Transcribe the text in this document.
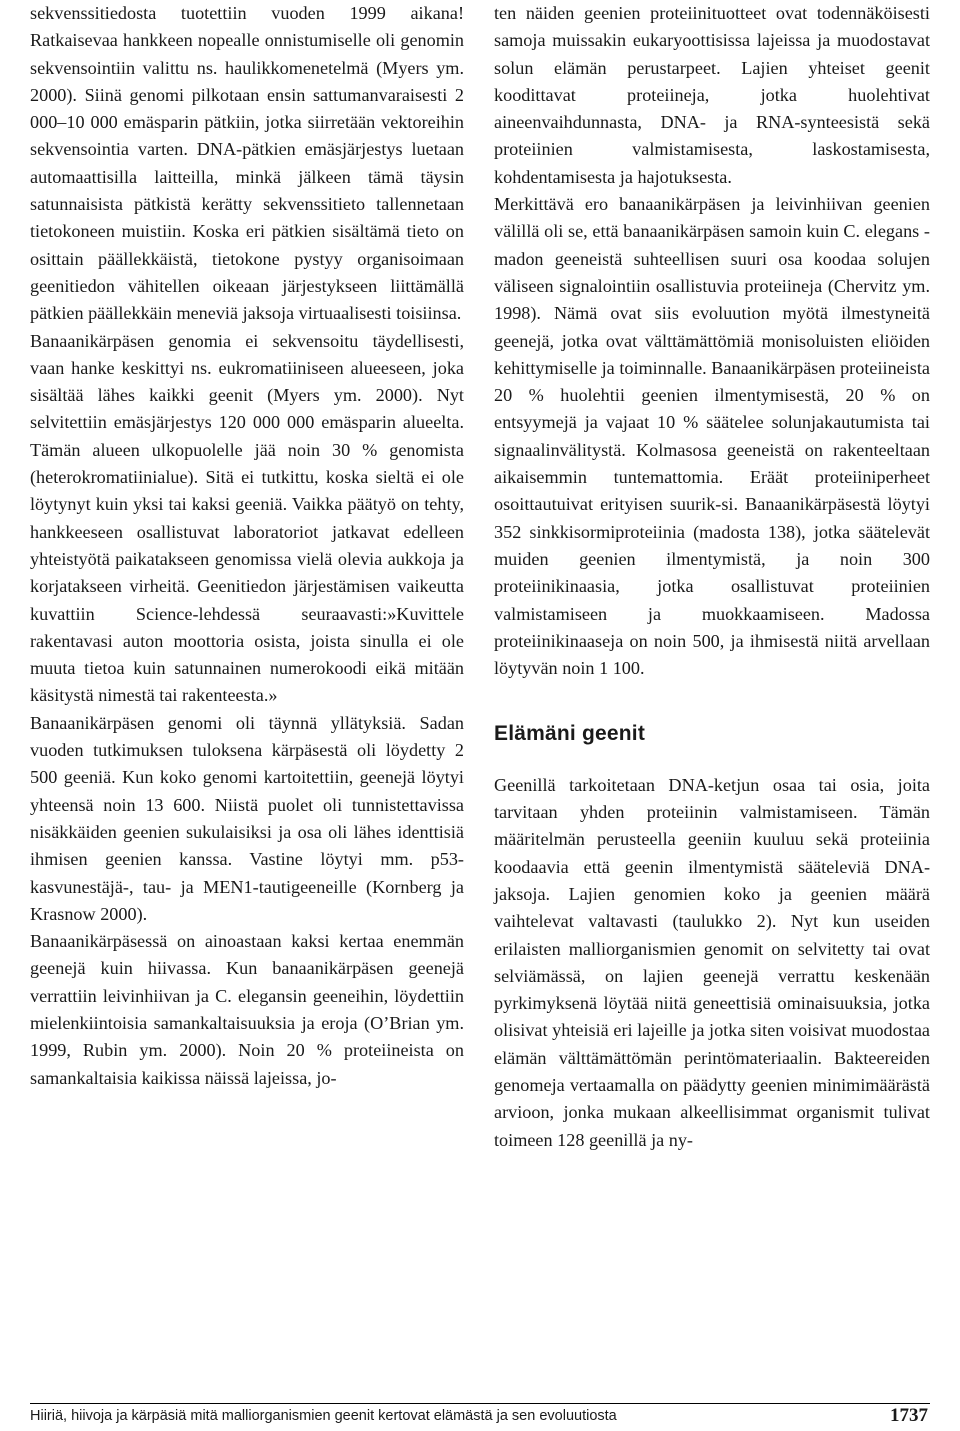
sekvenssitiedosta tuotettiin vuoden 1999 aikana! Ratkaisevaa hankkeen nopealle onnistumiselle oli genomin sekvensointiin valittu ns. haulikkomenetelmä (Myers ym. 2000). Siinä genomi pilkotaan ensin sattumanvaraisesti 2 000–10 000 emäsparin pätkiin, jotka siirretään vektoreihin sekvensointia varten. DNA-pätkien emäsjärjestys luetaan automaattisilla laitteilla, minkä jälkeen tämä täysin satunnaisista pätkistä kerätty sekvenssitieto tallennetaan tietokoneen muistiin. Koska eri pätkien sisältämä tieto on osittain päällekkäistä, tietokone pystyy organisoimaan geenitiedon vähitellen oikeaan järjestykseen liittämällä pätkien päällekkäin meneviä jaksoja virtuaalisesti toisiinsa.

Banaanikärpäsen genomia ei sekvensoitu täydellisesti, vaan hanke keskittyi ns. eukromatiiniseen alueeseen, joka sisältää lähes kaikki geenit (Myers ym. 2000). Nyt selvitettiin emäsjärjestys 120 000 000 emäsparin alueelta. Tämän alueen ulkopuolelle jää noin 30 % genomista (heterokromatiinialue). Sitä ei tutkittu, koska sieltä ei ole löytynyt kuin yksi tai kaksi geeniä. Vaikka päätyö on tehty, hankkeeseen osallistuvat laboratoriot jatkavat edelleen yhteistyötä paikatakseen genomissa vielä olevia aukkoja ja korjatakseen virheitä. Geenitiedon järjestämisen vaikeutta kuvattiin Science-lehdessä seuraavasti:»Kuvittele rakentavasi auton moottoria osista, joista sinulla ei ole muuta tietoa kuin satunnainen numerokoodi eikä mitään käsitystä nimestä tai rakenteesta.»

Banaanikärpäsen genomi oli täynnä yllätyksiä. Sadan vuoden tutkimuksen tuloksena kärpäsestä oli löydetty 2 500 geeniä. Kun koko genomi kartoitettiin, geenejä löytyi yhteensä noin 13 600. Niistä puolet oli tunnistettavissa nisäkkäiden geenien sukulaisiksi ja osa oli lähes identtisiä ihmisen geenien kanssa. Vastine löytyi mm. p53-kasvunestäjä-, tau- ja MEN1-tautigeeneille (Kornberg ja Krasnow 2000).

Banaanikärpäsessä on ainoastaan kaksi kertaa enemmän geenejä kuin hiivassa. Kun banaanikärpäsen geenejä verrattiin leivinhiivan ja C. elegansin geeneihin, löydettiin mielenkiintoisia samankaltaisuuksia ja eroja (O’Brian ym. 1999, Rubin ym. 2000). Noin 20 % proteiineista on samankaltaisia kaikissa näissä lajeissa, jo-

ten näiden geenien proteiinituotteet ovat todennäköisesti samoja muissakin eukaryoottisissa lajeissa ja muodostavat solun elämän perustarpeet. Lajien yhteiset geenit koodittavat proteiineja, jotka huolehtivat aineenvaihdunnasta, DNA- ja RNA-synteesistä sekä proteiinien valmistamisesta, laskostamisesta, kohdentamisesta ja hajotuksesta.

Merkittävä ero banaanikärpäsen ja leivinhiivan geenien välillä oli se, että banaanikärpäsen samoin kuin C. elegans -madon geeneistä suhteellisen suuri osa koodaa solujen väliseen signalointiin osallistuvia proteiineja (Chervitz ym. 1998). Nämä ovat siis evoluution myötä ilmestyneitä geenejä, jotka ovat välttämättömiä monisoluisten eliöiden kehittymiselle ja toiminnalle. Banaanikärpäsen proteiineista 20 % huolehtii geenien ilmentymisestä, 20 % on entsyymejä ja vajaat 10 % säätelee solunjakautumista tai signaalinvälitystä. Kolmasosa geeneistä on rakenteeltaan aikaisemmin tuntemattomia. Eräät proteiiniperheet osoittautuivat erityisen suurik-si. Banaanikärpäsestä löytyi 352 sinkkisormiproteiinia (madosta 138), jotka säätelevät muiden geenien ilmentymistä, ja noin 300 proteiinikinaasia, jotka osallistuvat proteiinien valmistamiseen ja muokkaamiseen. Madossa proteiinikinaaseja on noin 500, ja ihmisestä niitä arvellaan löytyvän noin 1 100.

Elämäni geenit

Geenillä tarkoitetaan DNA-ketjun osaa tai osia, joita tarvitaan yhden proteiinin valmistamiseen. Tämän määritelmän perusteella geeniin kuuluu sekä proteiinia koodaavia että geenin ilmentymistä sääteleviä DNA-jaksoja. Lajien genomien koko ja geenien määrä vaihtelevat valtavasti (taulukko 2). Nyt kun useiden erilaisten malliorganismien genomit on selvitetty tai ovat selviämässä, on lajien geenejä verrattu keskenään pyrkimyksenä löytää niitä geneettisiä ominaisuuksia, jotka olisivat yhteisiä eri lajeille ja jotka siten voisivat muodostaa elämän välttämättömän perintömateriaalin. Bakteereiden genomeja vertaamalla on päädytty geenien minimimäärästä arvioon, jonka mukaan alkeellisimmat organismit tulivat toimeen 128 geenillä ja ny-

Hiiriä, hiivoja ja kärpäsiä mitä malliorganismien geenit kertovat elämästä ja sen evoluutiosta	1737
